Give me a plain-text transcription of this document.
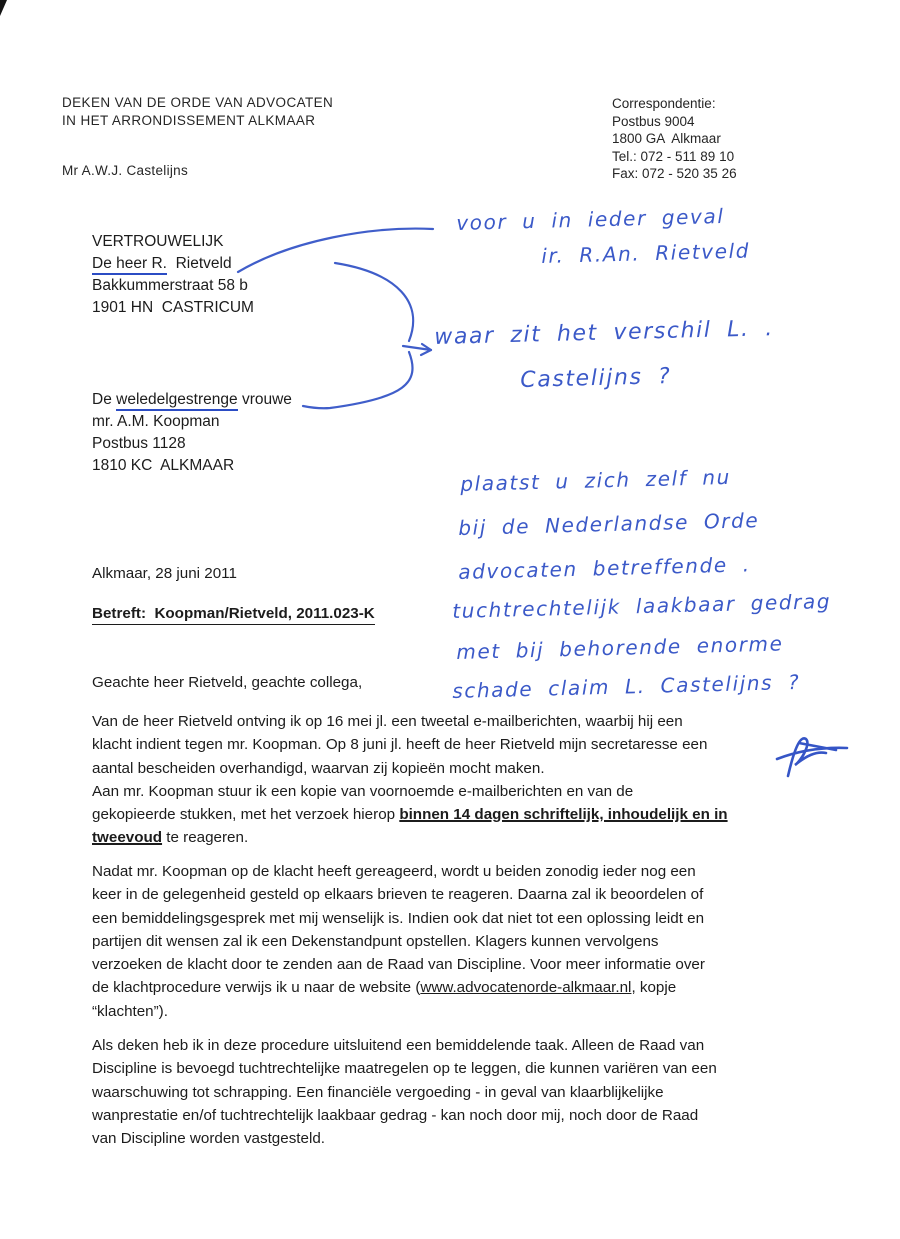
DEKEN VAN DE ORDE VAN ADVOCATEN
IN HET ARRONDISSEMENT ALKMAAR
Mr A.W.J. Castelijns
Correspondentie:
Postbus 9004
1800 GA  Alkmaar
Tel.: 072 - 511 89 10
Fax: 072 - 520 35 26
VERTROUWELIJK
De heer R.  Rietveld
Bakkummerstraat 58 b
1901 HN  CASTRICUM
De weledelgestrenge vrouwe
mr. A.M. Koopman
Postbus 1128
1810 KC  ALKMAAR
Alkmaar, 28 juni 2011
Betreft:  Koopman/Rietveld, 2011.023-K
Geachte heer Rietveld, geachte collega,
Van de heer Rietveld ontving ik op 16 mei jl. een tweetal e-mailberichten, waarbij hij een
klacht indient tegen mr. Koopman. Op 8 juni jl. heeft de heer Rietveld mijn secretaresse een
aantal bescheiden overhandigd, waarvan zij kopieën mocht maken.
Aan mr. Koopman stuur ik een kopie van voornoemde e-mailberichten en van de
gekopieerde stukken, met het verzoek hierop binnen 14 dagen schriftelijk, inhoudelijk en in
tweevoud te reageren.
Nadat mr. Koopman op de klacht heeft gereageerd, wordt u beiden zonodig ieder nog een
keer in de gelegenheid gesteld op elkaars brieven te reageren. Daarna zal ik beoordelen of
een bemiddelingsgesprek met mij wenselijk is. Indien ook dat niet tot een oplossing leidt en
partijen dit wensen zal ik een Dekenstandpunt opstellen. Klagers kunnen vervolgens
verzoeken de klacht door te zenden aan de Raad van Discipline. Voor meer informatie over
de klachtprocedure verwijs ik u naar de website (www.advocatenorde-alkmaar.nl, kopje
“klachten”).
Als deken heb ik in deze procedure uitsluitend een bemiddelende taak. Alleen de Raad van
Discipline is bevoegd tuchtrechtelijke maatregelen op te leggen, die kunnen variëren van een
waarschuwing tot schrapping. Een financiële vergoeding - in geval van klaarblijkelijke
wanprestatie en/of tuchtrechtelijk laakbaar gedrag - kan noch door mij, noch door de Raad
van Discipline worden vastgesteld.
voor u in ieder geval
ir. R.An. Rietveld
waar zit het verschil L. .
Castelijns ?
plaatst u zich zelf nu
bij de Nederlandse Orde
advocaten betreffende .
tuchtrechtelijk laakbaar gedrag
met bij behorende enorme
schade claim L. Castelijns ?
